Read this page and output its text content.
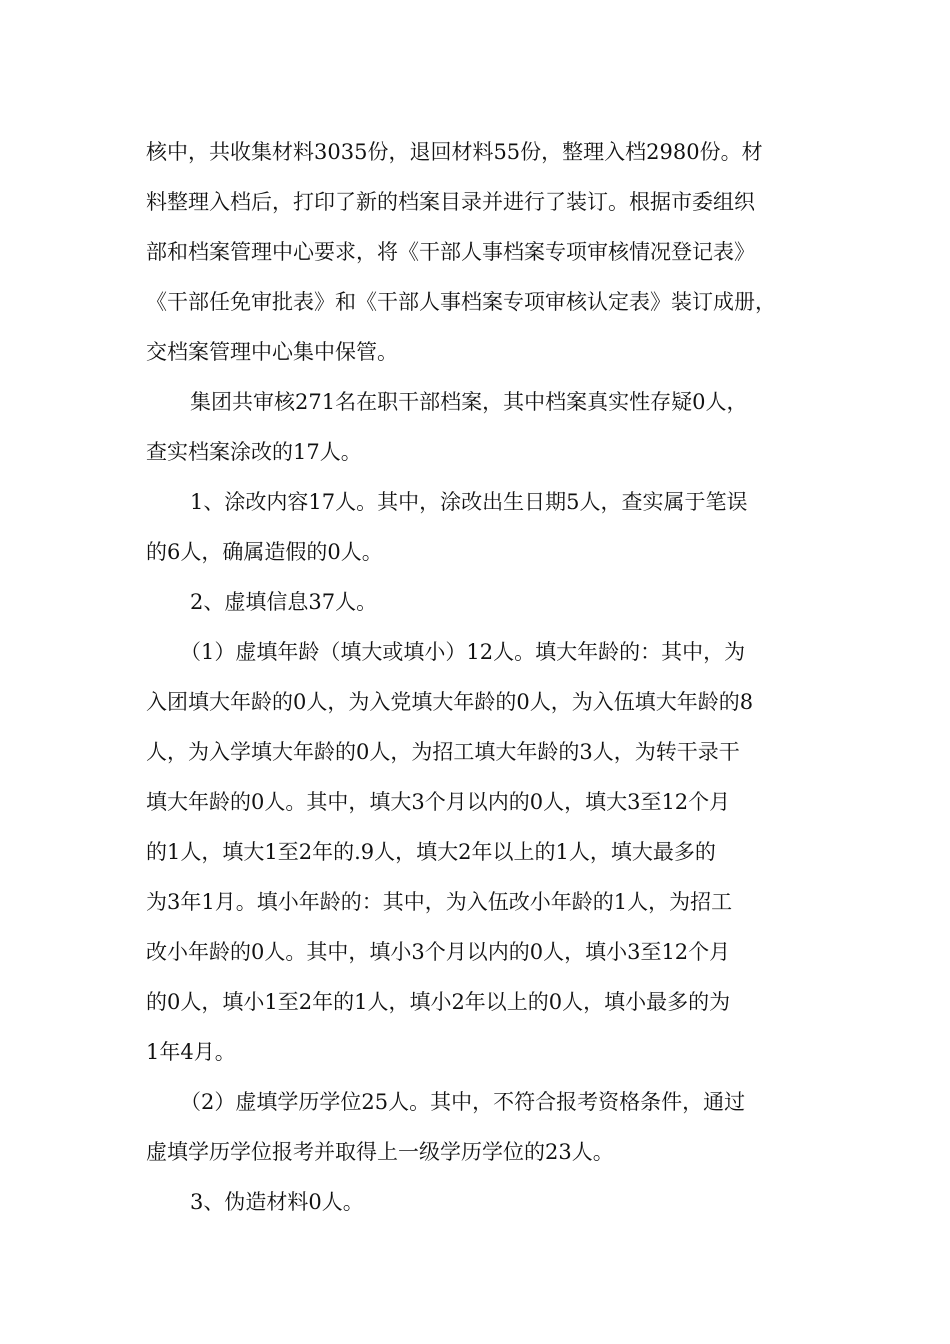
核中，共收集材料3035份，退回材料55份，整理入档2980份。材

料整理入档后，打印了新的档案目录并进行了装订。根据市委组织

部和档案管理中心要求，将《干部人事档案专项审核情况登记表》

《干部任免审批表》和《干部人事档案专项审核认定表》装订成册，

交档案管理中心集中保管。

集团共审核271名在职干部档案，其中档案真实性存疑0人，

查实档案涂改的17人。

1、涂改内容17人。其中，涂改出生日期5人，查实属于笔误

的6人，确属造假的0人。

2、虚填信息37人。

（1）虚填年龄（填大或填小）12人。填大年龄的：其中，为

入团填大年龄的0人，为入党填大年龄的0人，为入伍填大年龄的8

人，为入学填大年龄的0人，为招工填大年龄的3人，为转干录干

填大年龄的0人。其中，填大3个月以内的0人，填大3至12个月

的1人，填大1至2年的.9人，填大2年以上的1人，填大最多的

为3年1月。填小年龄的：其中，为入伍改小年龄的1人，为招工

改小年龄的0人。其中，填小3个月以内的0人，填小3至12个月

的0人，填小1至2年的1人，填小2年以上的0人，填小最多的为

1年4月。

（2）虚填学历学位25人。其中，不符合报考资格条件，通过

虚填学历学位报考并取得上一级学历学位的23人。

3、伪造材料0人。
